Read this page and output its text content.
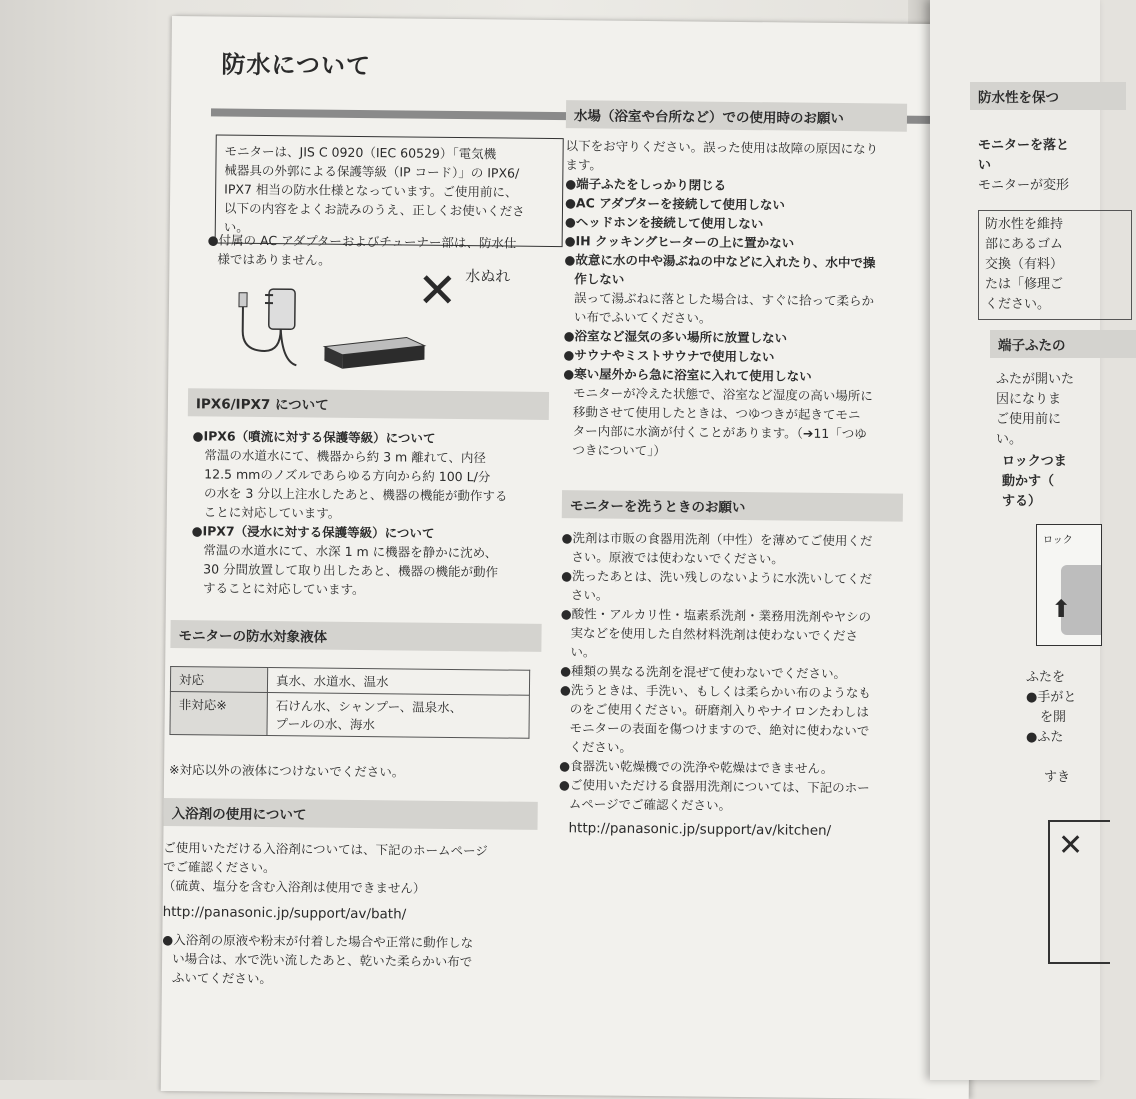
防水について
モニターは、JIS C 0920（IEC 60529）「電気機
械器具の外郭による保護等級（IP コード）」の IPX6/
IPX7 相当の防水仕様となっています。ご使用前に、
以下の内容をよくお読みのうえ、正しくお使いくださ
い。
●付属の AC アダプターおよびチューナー部は、防水仕
様ではありません。
✕ 水ぬれ
IPX6/IPX7 について
●IPX6（噴流に対する保護等級）について
常温の水道水にて、機器から約 3 m 離れて、内径
12.5 mmのノズルであらゆる方向から約 100 L/分
の水を 3 分以上注水したあと、機器の機能が動作する
ことに対応しています。
●IPX7（浸水に対する保護等級）について
常温の水道水にて、水深 1 m に機器を静かに沈め、
30 分間放置して取り出したあと、機器の機能が動作
することに対応しています。
モニターの防水対象液体
対応	真水、水道水、温水
非対応※	石けん水、シャンプー、温泉水、
プールの水、海水
※対応以外の液体につけないでください。
入浴剤の使用について
ご使用いただける入浴剤については、下記のホームページ
でご確認ください。
（硫黄、塩分を含む入浴剤は使用できません）
http://panasonic.jp/support/av/bath/
●入浴剤の原液や粉末が付着した場合や正常に動作しな
い場合は、水で洗い流したあと、乾いた柔らかい布で
ふいてください。
水場（浴室や台所など）での使用時のお願い
以下をお守りください。誤った使用は故障の原因になり
ます。
●端子ふたをしっかり閉じる
●AC アダプターを接続して使用しない
●ヘッドホンを接続して使用しない
●IH クッキングヒーターの上に置かない
●故意に水の中や湯ぶねの中などに入れたり、水中で操
作しない
誤って湯ぶねに落とした場合は、すぐに拾って柔らか
い布でふいてください。
●浴室など湿気の多い場所に放置しない
●サウナやミストサウナで使用しない
●寒い屋外から急に浴室に入れて使用しない
モニターが冷えた状態で、浴室など湿度の高い場所に
移動させて使用したときは、つゆつきが起きてモニ
ター内部に水滴が付くことがあります。（➔11「つゆ
つきについて」）
モニターを洗うときのお願い
●洗剤は市販の食器用洗剤（中性）を薄めてご使用くだ
さい。原液では使わないでください。
●洗ったあとは、洗い残しのないように水洗いしてくだ
さい。
●酸性・アルカリ性・塩素系洗剤・業務用洗剤やヤシの
実などを使用した自然材料洗剤は使わないでくださ
い。
●種類の異なる洗剤を混ぜて使わないでください。
●洗うときは、手洗い、もしくは柔らかい布のようなも
のをご使用ください。研磨剤入りやナイロンたわしは
モニターの表面を傷つけますので、絶対に使わないで
ください。
●食器洗い乾燥機での洗浄や乾燥はできません。
●ご使用いただける食器用洗剤については、下記のホー
ムページでご確認ください。
http://panasonic.jp/support/av/kitchen/
防水性を保つ
モニターを落と
い
モニターが変形
防水性を維持
部にあるゴム
交換（有料）
たは「修理ご
ください。
端子ふたの
ふたが開いた
因になりま
ご使用前に
い。
ロックつま
動かす（
する）
ロック
⬆
ふたを
●手がと
を開
●ふた
すき
✕
